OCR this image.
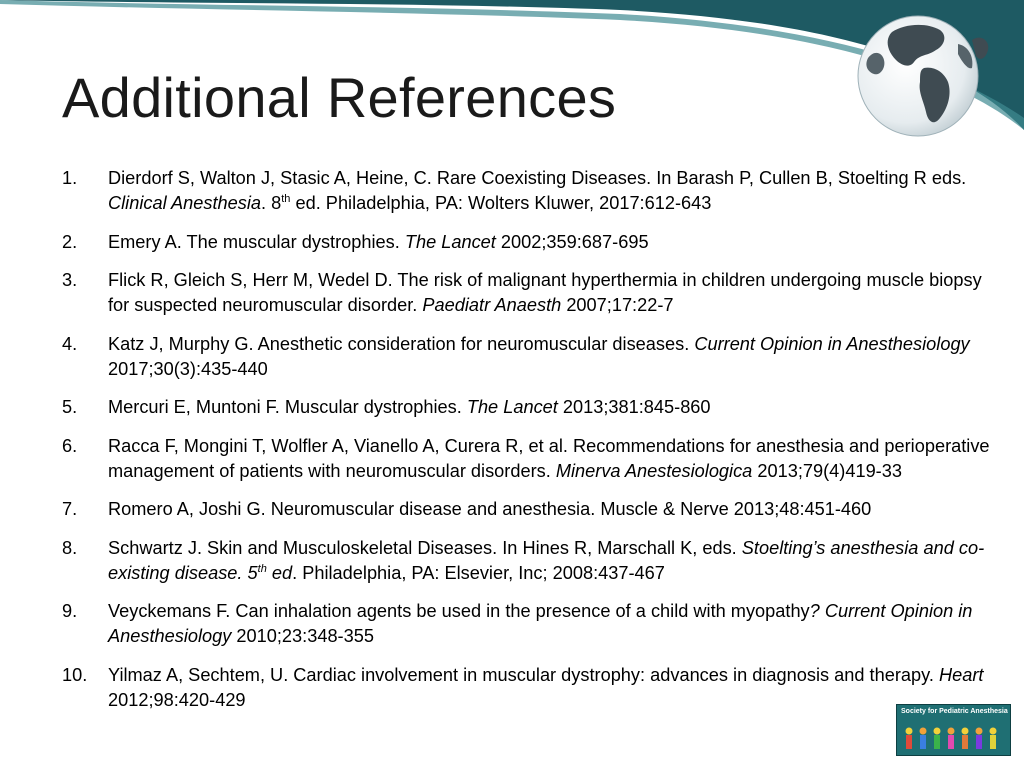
Additional References
1. Dierdorf S, Walton J, Stasic A, Heine, C. Rare Coexisting Diseases. In Barash P, Cullen B, Stoelting R eds. Clinical Anesthesia. 8th ed. Philadelphia, PA: Wolters Kluwer, 2017:612-643
2. Emery A. The muscular dystrophies. The Lancet 2002;359:687-695
3. Flick R, Gleich S, Herr M, Wedel D. The risk of malignant hyperthermia in children undergoing muscle biopsy for suspected neuromuscular disorder. Paediatr Anaesth 2007;17:22-7
4. Katz J, Murphy G. Anesthetic consideration for neuromuscular diseases. Current Opinion in Anesthesiology 2017;30(3):435-440
5. Mercuri E, Muntoni F. Muscular dystrophies. The Lancet 2013;381:845-860
6. Racca F, Mongini T, Wolfler A, Vianello A, Curera R, et al. Recommendations for anesthesia and perioperative management of patients with neuromuscular disorders. Minerva Anestesiologica 2013;79(4)419-33
7. Romero A, Joshi G. Neuromuscular disease and anesthesia. Muscle & Nerve 2013;48:451-460
8. Schwartz J. Skin and Musculoskeletal Diseases. In Hines R, Marschall K, eds. Stoelting’s anesthesia and co-existing disease. 5th ed. Philadelphia, PA: Elsevier, Inc; 2008:437-467
9. Veyckemans F. Can inhalation agents be used in the presence of a child with myopathy? Current Opinion in Anesthesiology 2010;23:348-355
10. Yilmaz A, Sechtem, U. Cardiac involvement in muscular dystrophy: advances in diagnosis and therapy. Heart 2012;98:420-429
Society for Pediatric Anesthesia
